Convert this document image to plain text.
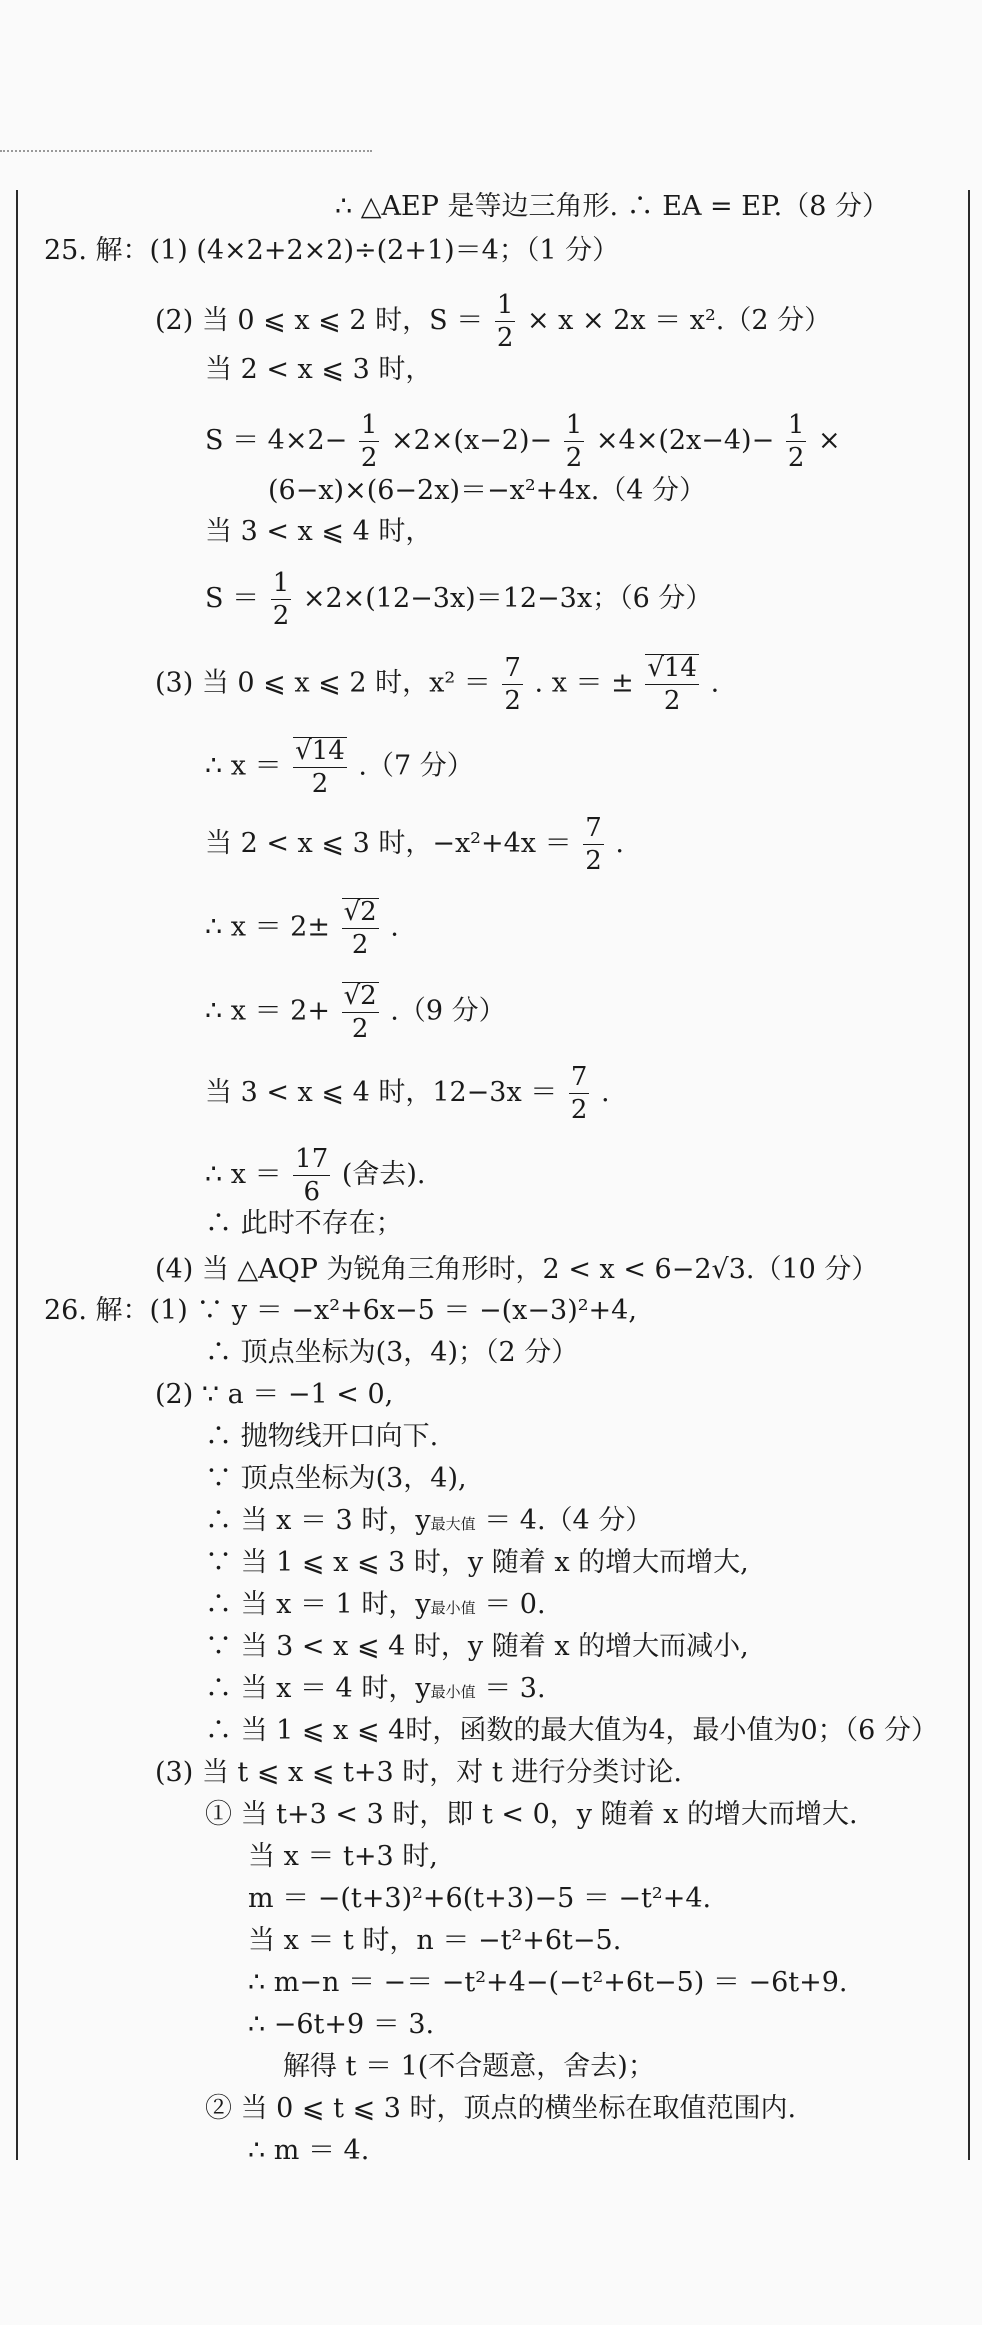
∴ △AEP 是等边三角形. ∴ EA = EP.（8 分）
25. 解：(1) (4×2+2×2)÷(2+1)＝4；（1 分）
(2) 当 0 ⩽ x ⩽ 2 时，$S = \frac{1}{2} \times x \times 2x = x^2.(2$ 分）
当 2 < x ⩽ 3 时，
$S = 4\times 2- \frac{1}{2} \times 2\times(x-2)- \frac{1}{2} \times 4\times(2x-4)- \frac{1}{2}$ ×
(6−x)×(6−2x)＝−x²+4x.（4 分）
当 3 < x ⩽ 4 时，
$S = \frac{1}{2} \times 2\times(12-3x)=12-3x$；（6 分）
(3) 当 0 ⩽ x ⩽ 2 时，$x^2 = \frac{7}{2}$ . x ＝ ± $\frac{√14}{2}$ .
∴ $x = \frac{√14}{2} .(7$ 分）
当 2 < x ⩽ 3 时，$-x^2+4x = \frac{7}{2}$ .
∴ $x = 2\pm \frac{√2}{2}$ .
∴ $x = 2+ \frac{√2}{2} .(9$ 分）
当 3 < x ⩽ 4 时，$12-3x = \frac{7}{2}$ .
∴ $x = \frac{17}{6}$ (舍去).
∴ 此时不存在；
(4) 当 △AQP 为锐角三角形时，2 < x < 6−2√3.（10 分）
26. 解：(1) ∵ y ＝ −x²+6x−5 ＝ −(x−3)²+4,
∴ 顶点坐标为(3，4)；（2 分）
(2) ∵ a ＝ −1 < 0,
∴ 抛物线开口向下.
∵ 顶点坐标为(3，4),
∴ 当 x ＝ 3 时，y最大值 ＝ 4.（4 分）
∵ 当 1 ⩽ x ⩽ 3 时，y 随着 x 的增大而增大,
∴ 当 x ＝ 1 时，y最小值 ＝ 0.
∵ 当 3 < x ⩽ 4 时，y 随着 x 的增大而减小,
∴ 当 x ＝ 4 时，y最小值 ＝ 3.
∴ 当 1 ⩽ x ⩽ 4时，函数的最大值为4，最小值为0；（6 分）
(3) 当 t ⩽ x ⩽ t+3 时，对 t 进行分类讨论.
① 当 t+3 < 3 时，即 t < 0，y 随着 x 的增大而增大.
当 x ＝ t+3 时,
m ＝ −(t+3)²+6(t+3)−5 ＝ −t²+4.
当 x ＝ t 时，n ＝ −t²+6t−5.
∴ m−n ＝ −＝ −t²+4−(−t²+6t−5) ＝ −6t+9.
∴ −6t+9 ＝ 3.
解得 t ＝ 1(不合题意，舍去)；
② 当 0 ⩽ t ⩽ 3 时，顶点的横坐标在取值范围内.
∴ m ＝ 4.
